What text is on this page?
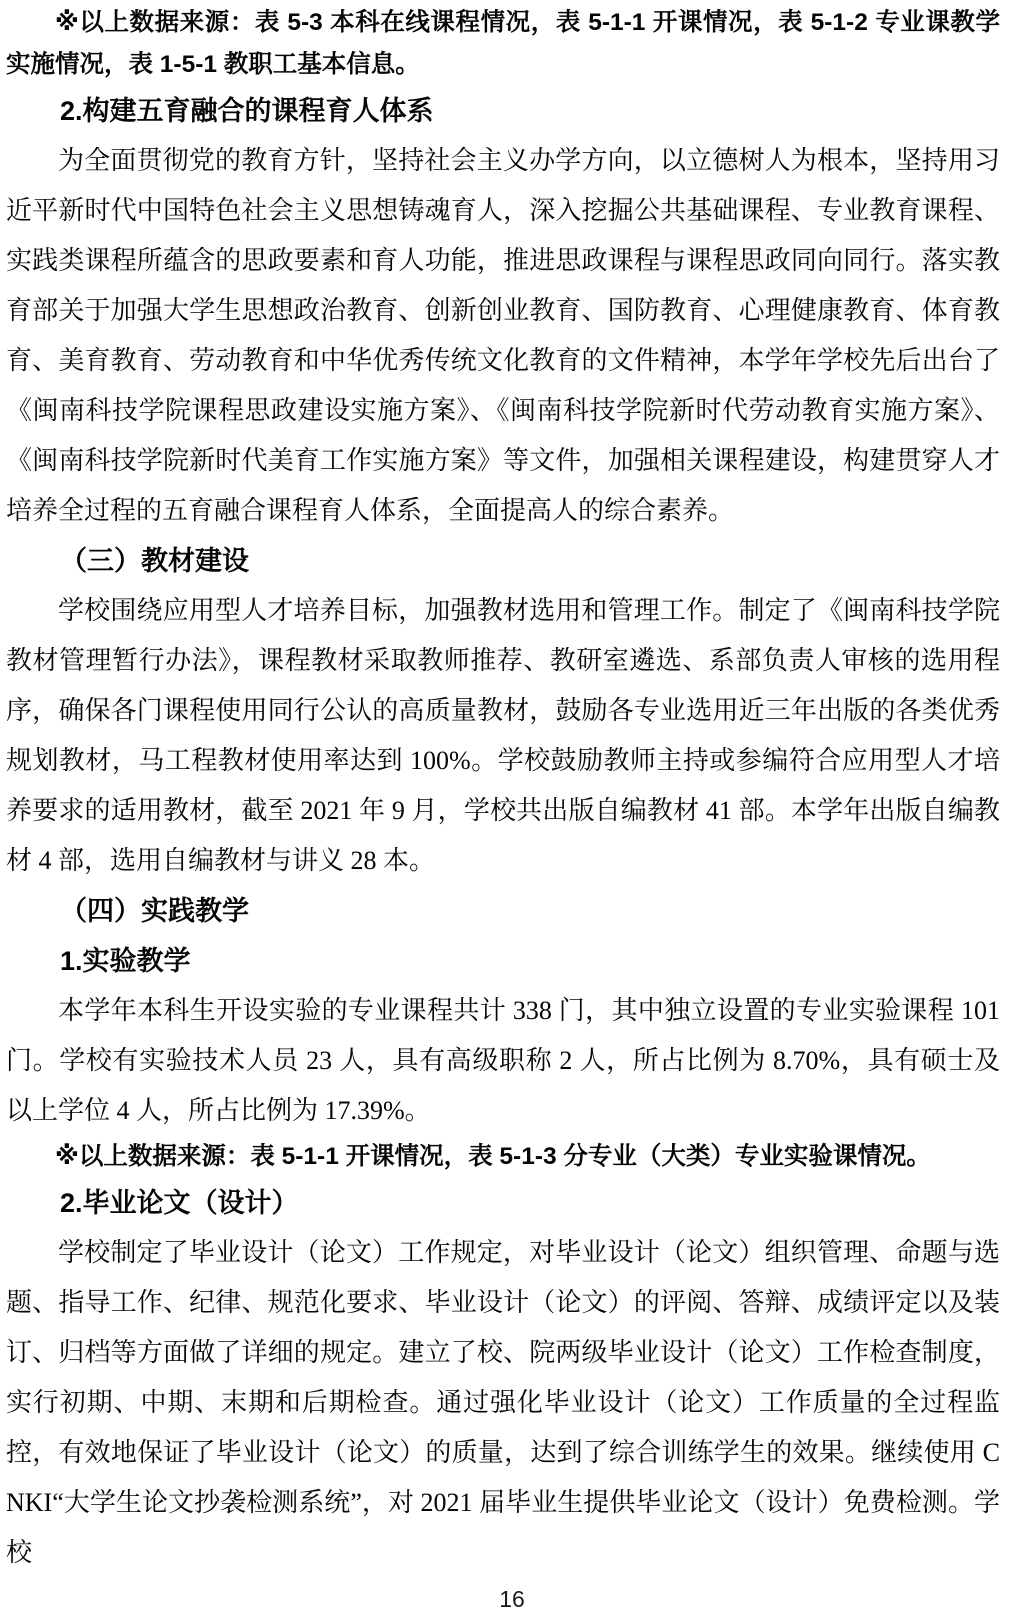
※以上数据来源：表 5-3 本科在线课程情况，表 5-1-1 开课情况，表 5-1-2 专业课教学实施情况，表 1-5-1 教职工基本信息。

2.构建五育融合的课程育人体系

为全面贯彻党的教育方针，坚持社会主义办学方向，以立德树人为根本，坚持用习近平新时代中国特色社会主义思想铸魂育人，深入挖掘公共基础课程、专业教育课程、实践类课程所蕴含的思政要素和育人功能，推进思政课程与课程思政同向同行。落实教育部关于加强大学生思想政治教育、创新创业教育、国防教育、心理健康教育、体育教育、美育教育、劳动教育和中华优秀传统文化教育的文件精神，本学年学校先后出台了《闽南科技学院课程思政建设实施方案》、《闽南科技学院新时代劳动教育实施方案》、《闽南科技学院新时代美育工作实施方案》等文件，加强相关课程建设，构建贯穿人才培养全过程的五育融合课程育人体系，全面提高人的综合素养。

（三）教材建设

学校围绕应用型人才培养目标，加强教材选用和管理工作。制定了《闽南科技学院教材管理暂行办法》，课程教材采取教师推荐、教研室遴选、系部负责人审核的选用程序，确保各门课程使用同行公认的高质量教材，鼓励各专业选用近三年出版的各类优秀规划教材，马工程教材使用率达到 100%。学校鼓励教师主持或参编符合应用型人才培养要求的适用教材，截至 2021 年 9 月，学校共出版自编教材 41 部。本学年出版自编教材 4 部，选用自编教材与讲义 28 本。

（四）实践教学
1.实验教学

本学年本科生开设实验的专业课程共计 338 门，其中独立设置的专业实验课程 101 门。学校有实验技术人员 23 人，具有高级职称 2 人，所占比例为 8.70%，具有硕士及以上学位 4 人，所占比例为 17.39%。

※以上数据来源：表 5-1-1 开课情况，表 5-1-3 分专业（大类）专业实验课情况。

2.毕业论文（设计）

学校制定了毕业设计（论文）工作规定，对毕业设计（论文）组织管理、命题与选题、指导工作、纪律、规范化要求、毕业设计（论文）的评阅、答辩、成绩评定以及装订、归档等方面做了详细的规定。建立了校、院两级毕业设计（论文）工作检查制度，实行初期、中期、末期和后期检查。通过强化毕业设计（论文）工作质量的全过程监控，有效地保证了毕业设计（论文）的质量，达到了综合训练学生的效果。继续使用 CNKI“大学生论文抄袭检测系统”，对 2021 届毕业生提供毕业论文（设计）免费检测。学校

16
